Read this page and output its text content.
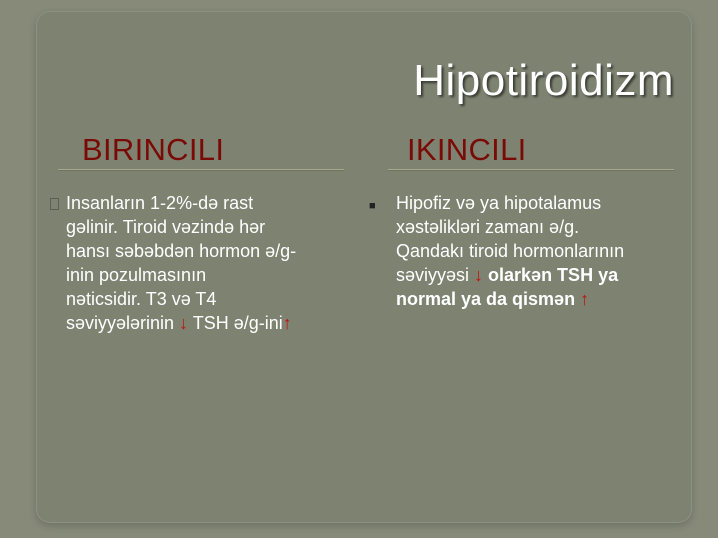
Hipotiroidizm
BIRINCILI	IKINCILI
■
Insanların 1-2%-də rast
gəlinir. Tiroid vəzində hər
hansı səbəbdən hormon ə/g-
inin pozulmasının
nəticsidir. T3 və T4
səviyyələrinin ↓ TSH ə/g-ini↑
Hipofiz və ya hipotalamus
xəstəlikləri zamanı ə/g.
Qandakı tiroid hormonlarının
səviyyəsi ↓ olarkən TSH ya
normal ya da qismən ↑
